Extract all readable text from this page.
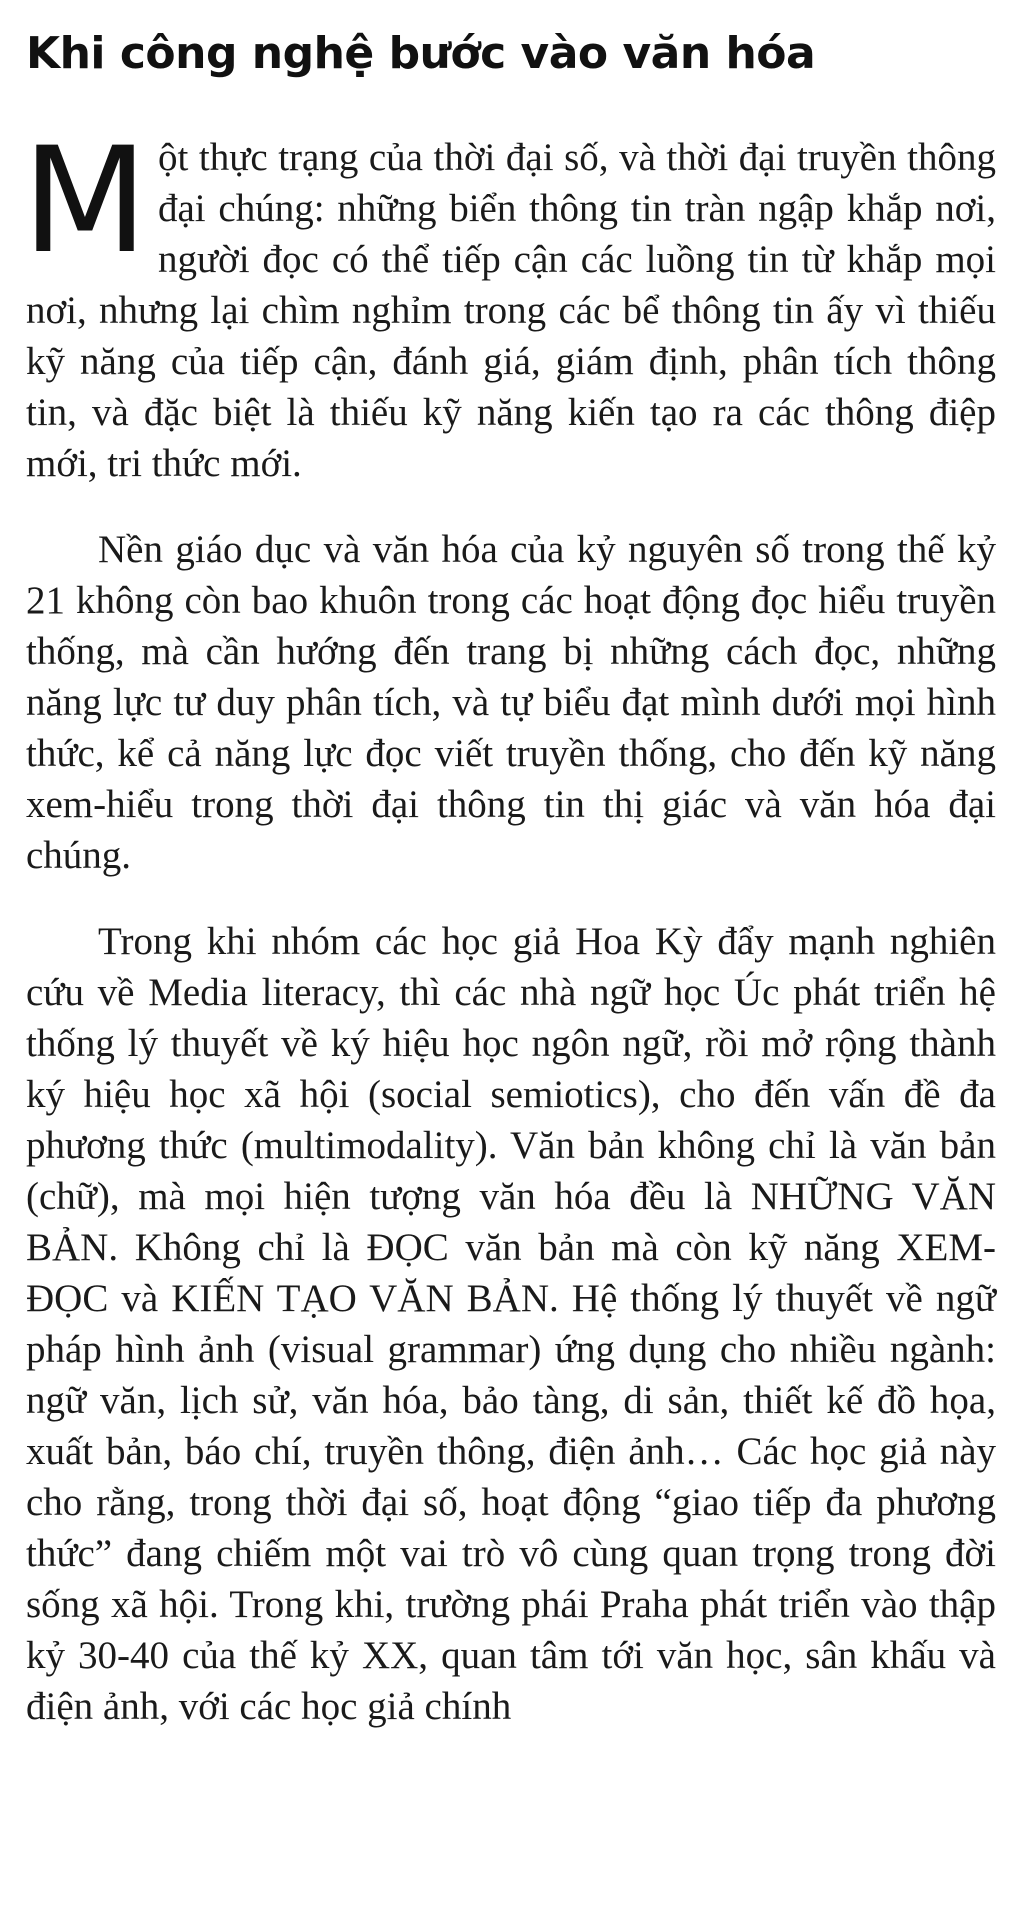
Khi công nghệ bước vào văn hóa

Một thực trạng của thời đại số, và thời đại truyền thông đại chúng: những biển thông tin tràn ngập khắp nơi, người đọc có thể tiếp cận các luồng tin từ khắp mọi nơi, nhưng lại chìm nghỉm trong các bể thông tin ấy vì thiếu kỹ năng của tiếp cận, đánh giá, giám định, phân tích thông tin, và đặc biệt là thiếu kỹ năng kiến tạo ra các thông điệp mới, tri thức mới.

Nền giáo dục và văn hóa của kỷ nguyên số trong thế kỷ 21 không còn bao khuôn trong các hoạt động đọc hiểu truyền thống, mà cần hướng đến trang bị những cách đọc, những năng lực tư duy phân tích, và tự biểu đạt mình dưới mọi hình thức, kể cả năng lực đọc viết truyền thống, cho đến kỹ năng xem-hiểu trong thời đại thông tin thị giác và văn hóa đại chúng.

Trong khi nhóm các học giả Hoa Kỳ đẩy mạnh nghiên cứu về Media literacy, thì các nhà ngữ học Úc phát triển hệ thống lý thuyết về ký hiệu học ngôn ngữ, rồi mở rộng thành ký hiệu học xã hội (social semiotics), cho đến vấn đề đa phương thức (multimodality). Văn bản không chỉ là văn bản (chữ), mà mọi hiện tượng văn hóa đều là NHỮNG VĂN BẢN. Không chỉ là ĐỌC văn bản mà còn kỹ năng XEM-ĐỌC và KIẾN TẠO VĂN BẢN. Hệ thống lý thuyết về ngữ pháp hình ảnh (visual grammar) ứng dụng cho nhiều ngành: ngữ văn, lịch sử, văn hóa, bảo tàng, di sản, thiết kế đồ họa, xuất bản, báo chí, truyền thông, điện ảnh… Các học giả này cho rằng, trong thời đại số, hoạt động “giao tiếp đa phương thức” đang chiếm một vai trò vô cùng quan trọng trong đời sống xã hội. Trong khi, trường phái Praha phát triển vào thập kỷ 30-40 của thế kỷ XX, quan tâm tới văn học, sân khấu và điện ảnh, với các học giả chính
